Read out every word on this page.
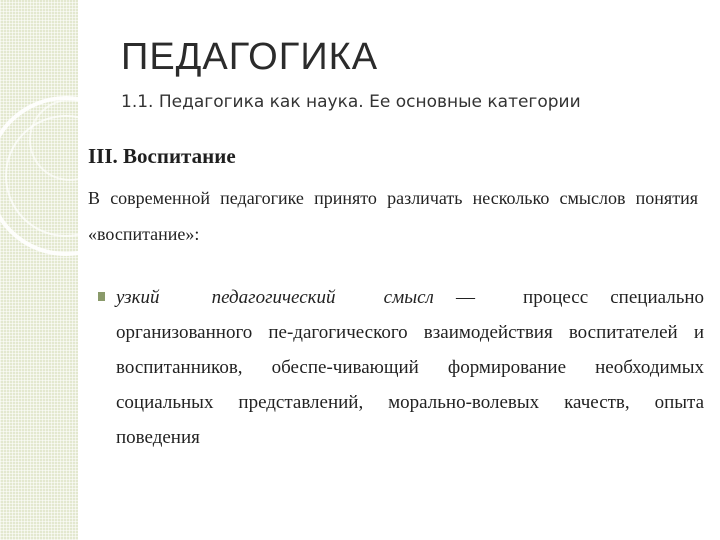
ПЕДАГОГИКА
1.1. Педагогика как наука. Ее основные категории
III. Воспитание

В современной педагогике принято различать несколько смыслов понятия «воспитание»:

узкий	педагогический	смысл —	процесс специально организованного пе-дагогического взаимодействия воспитателей и воспитанников, обеспе-чивающий формирование необходимых социальных представлений, морально-волевых качеств, опыта поведения
